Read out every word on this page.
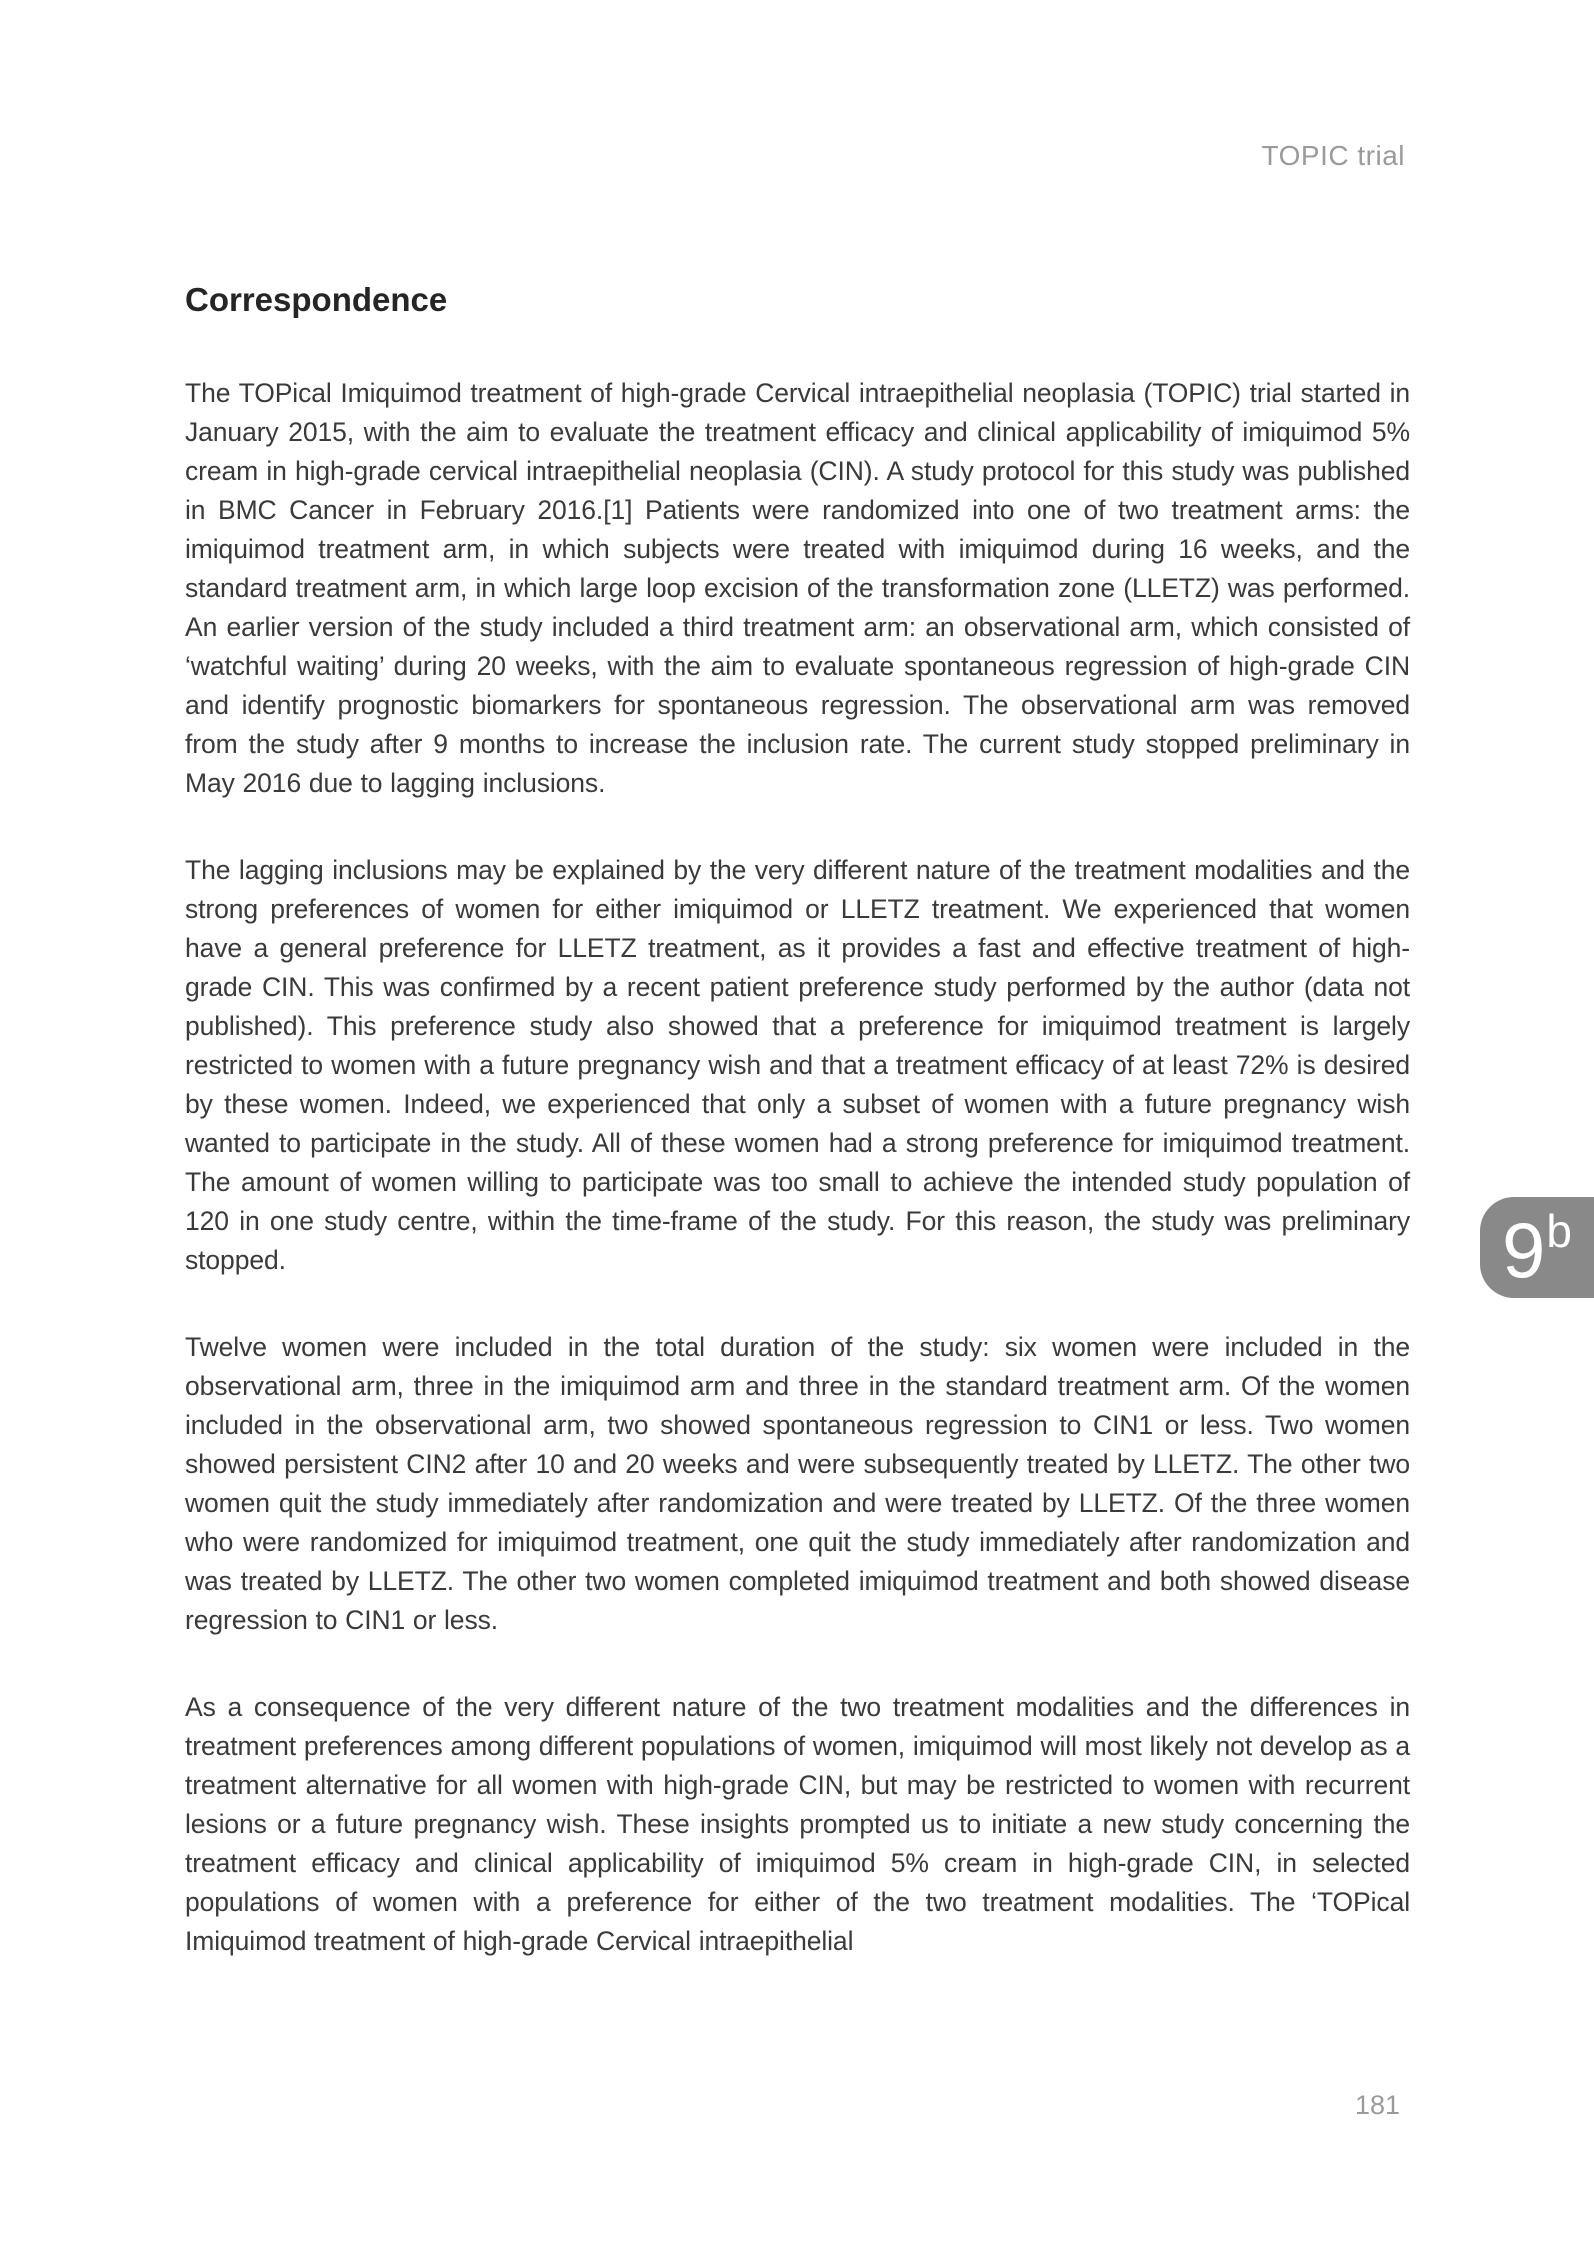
TOPIC trial
Correspondence

The TOPical Imiquimod treatment of high-grade Cervical intraepithelial neoplasia (TOPIC) trial started in January 2015, with the aim to evaluate the treatment efficacy and clinical applicability of imiquimod 5% cream in high-grade cervical intraepithelial neoplasia (CIN). A study protocol for this study was published in BMC Cancer in February 2016.[1] Patients were randomized into one of two treatment arms: the imiquimod treatment arm, in which subjects were treated with imiquimod during 16 weeks, and the standard treatment arm, in which large loop excision of the transformation zone (LLETZ) was performed. An earlier version of the study included a third treatment arm: an observational arm, which consisted of ‘watchful waiting’ during 20 weeks, with the aim to evaluate spontaneous regression of high-grade CIN and identify prognostic biomarkers for spontaneous regression. The observational arm was removed from the study after 9 months to increase the inclusion rate. The current study stopped preliminary in May 2016 due to lagging inclusions.

The lagging inclusions may be explained by the very different nature of the treatment modalities and the strong preferences of women for either imiquimod or LLETZ treatment. We experienced that women have a general preference for LLETZ treatment, as it provides a fast and effective treatment of high-grade CIN. This was confirmed by a recent patient preference study performed by the author (data not published). This preference study also showed that a preference for imiquimod treatment is largely restricted to women with a future pregnancy wish and that a treatment efficacy of at least 72% is desired by these women. Indeed, we experienced that only a subset of women with a future pregnancy wish wanted to participate in the study. All of these women had a strong preference for imiquimod treatment. The amount of women willing to participate was too small to achieve the intended study population of 120 in one study centre, within the time-frame of the study. For this reason, the study was preliminary stopped.

Twelve women were included in the total duration of the study: six women were included in the observational arm, three in the imiquimod arm and three in the standard treatment arm. Of the women included in the observational arm, two showed spontaneous regression to CIN1 or less. Two women showed persistent CIN2 after 10 and 20 weeks and were subsequently treated by LLETZ. The other two women quit the study immediately after randomization and were treated by LLETZ. Of the three women who were randomized for imiquimod treatment, one quit the study immediately after randomization and was treated by LLETZ. The other two women completed imiquimod treatment and both showed disease regression to CIN1 or less.

As a consequence of the very different nature of the two treatment modalities and the differences in treatment preferences among different populations of women, imiquimod will most likely not develop as a treatment alternative for all women with high-grade CIN, but may be restricted to women with recurrent lesions or a future pregnancy wish. These insights prompted us to initiate a new study concerning the treatment efficacy and clinical applicability of imiquimod 5% cream in high-grade CIN, in selected populations of women with a preference for either of the two treatment modalities. The ‘TOPical Imiquimod treatment of high-grade Cervical intraepithelial

9 b
181
